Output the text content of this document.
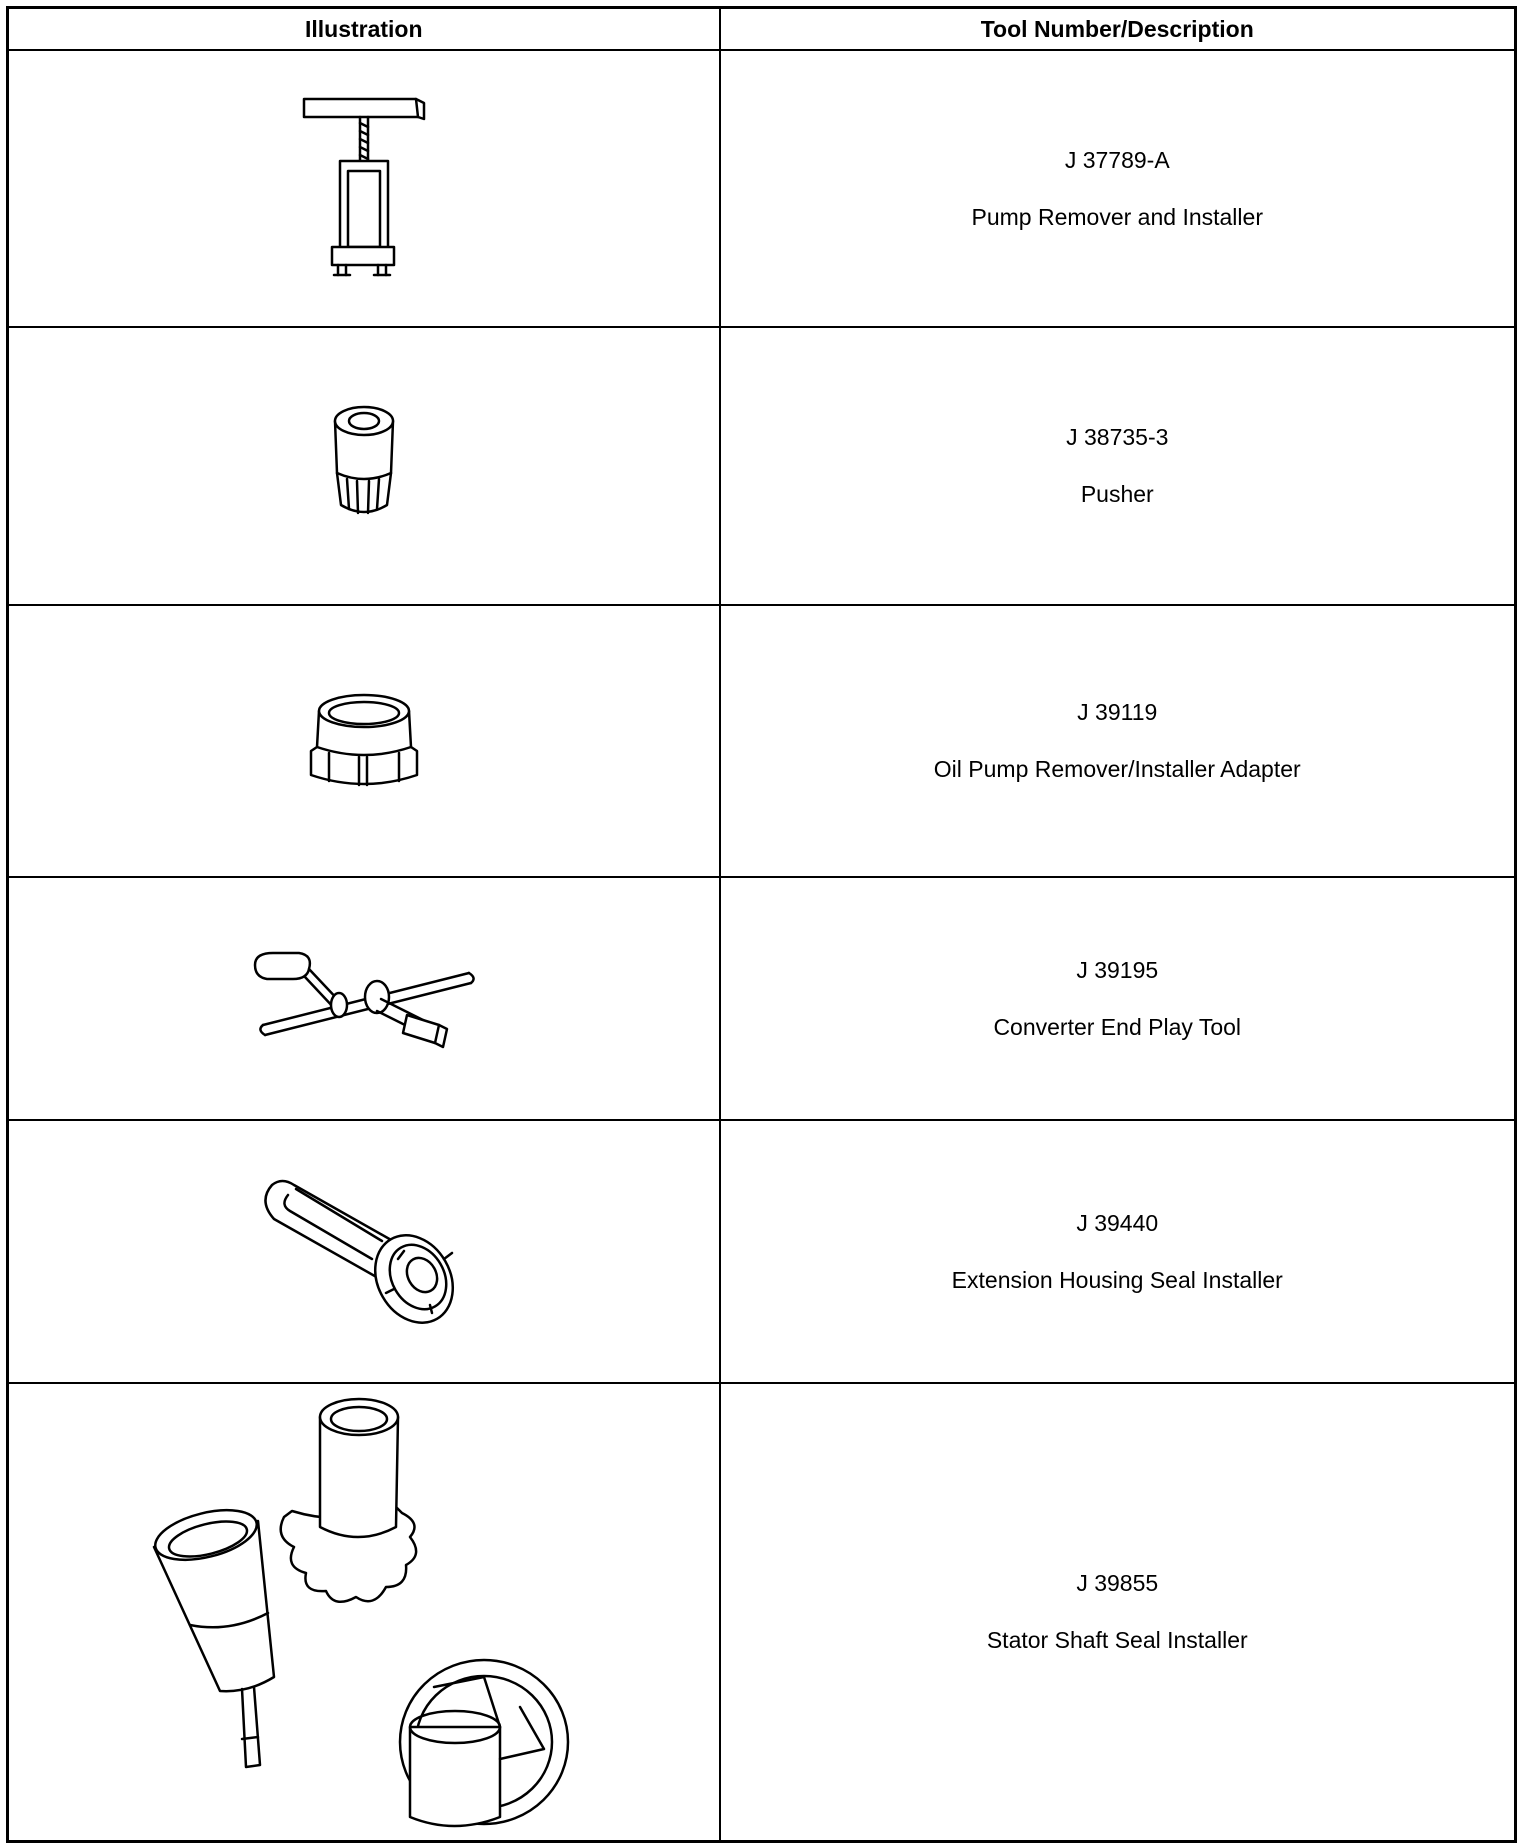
Illustration	Tool Number/Description

J 37789-A
Pump Remover and Installer

J 38735-3
Pusher

J 39119
Oil Pump Remover/Installer Adapter

J 39195
Converter End Play Tool

J 39440
Extension Housing Seal Installer

J 39855
Stator Shaft Seal Installer
